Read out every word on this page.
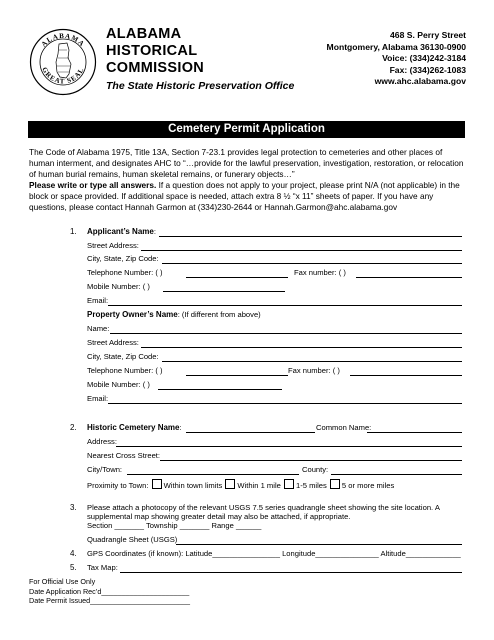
ALABAMA
GREAT SEAL
ALABAMA
HISTORICAL
COMMISSION
The State Historic Preservation Office
468 S. Perry Street
Montgomery, Alabama 36130-0900
Voice: (334)242-3184
Fax: (334)262-1083
www.ahc.alabama.gov
Cemetery Permit Application

The Code of Alabama 1975, Title 13A, Section 7-23.1 provides legal protection to cemeteries and other places of human interment, and designates AHC to “…provide for the lawful preservation, investigation, restoration, or relocation of human burial remains, human skeletal remains, or funerary objects…”

Please write or type all answers. If a question does not apply to your project, please print N/A (not applicable) in the block or space provided. If additional space is needed, attach extra 8 ½ “x 11” sheets of paper. If you have any questions, please contact Hannah Garmon at (334)230-2644 or Hannah.Garmon@ahc.alabama.gov

1. Applicant’s Name:
Street Address:
City, State, Zip Code:
Telephone Number: ( )	Fax number: ( )
Mobile Number: ( )
Email:
Property Owner’s Name: (If different from above)
Name:
Street Address:
City, State, Zip Code:
Telephone Number: ( )	Fax number: ( )
Mobile Number: ( )
Email:
2. Historic Cemetery Name:	Common Name:
Address:
Nearest Cross Street:
City/Town:	County:
Proximity to Town: Within town limits Within 1 mile 1-5 miles 5 or more miles
3. Please attach a photocopy of the relevant USGS 7.5 series quadrangle sheet showing the site location. A
supplemental map showing greater detail may also be attached, if appropriate.
Section _______ Township _______ Range ______
Quadrangle Sheet (USGS)
4. GPS Coordinates (if known): Latitude________________ Longitude_______________ Altitude_____________
5. Tax Map:
For Official Use Only
Date Application Rec’d______________________
Date Permit Issued_________________________
